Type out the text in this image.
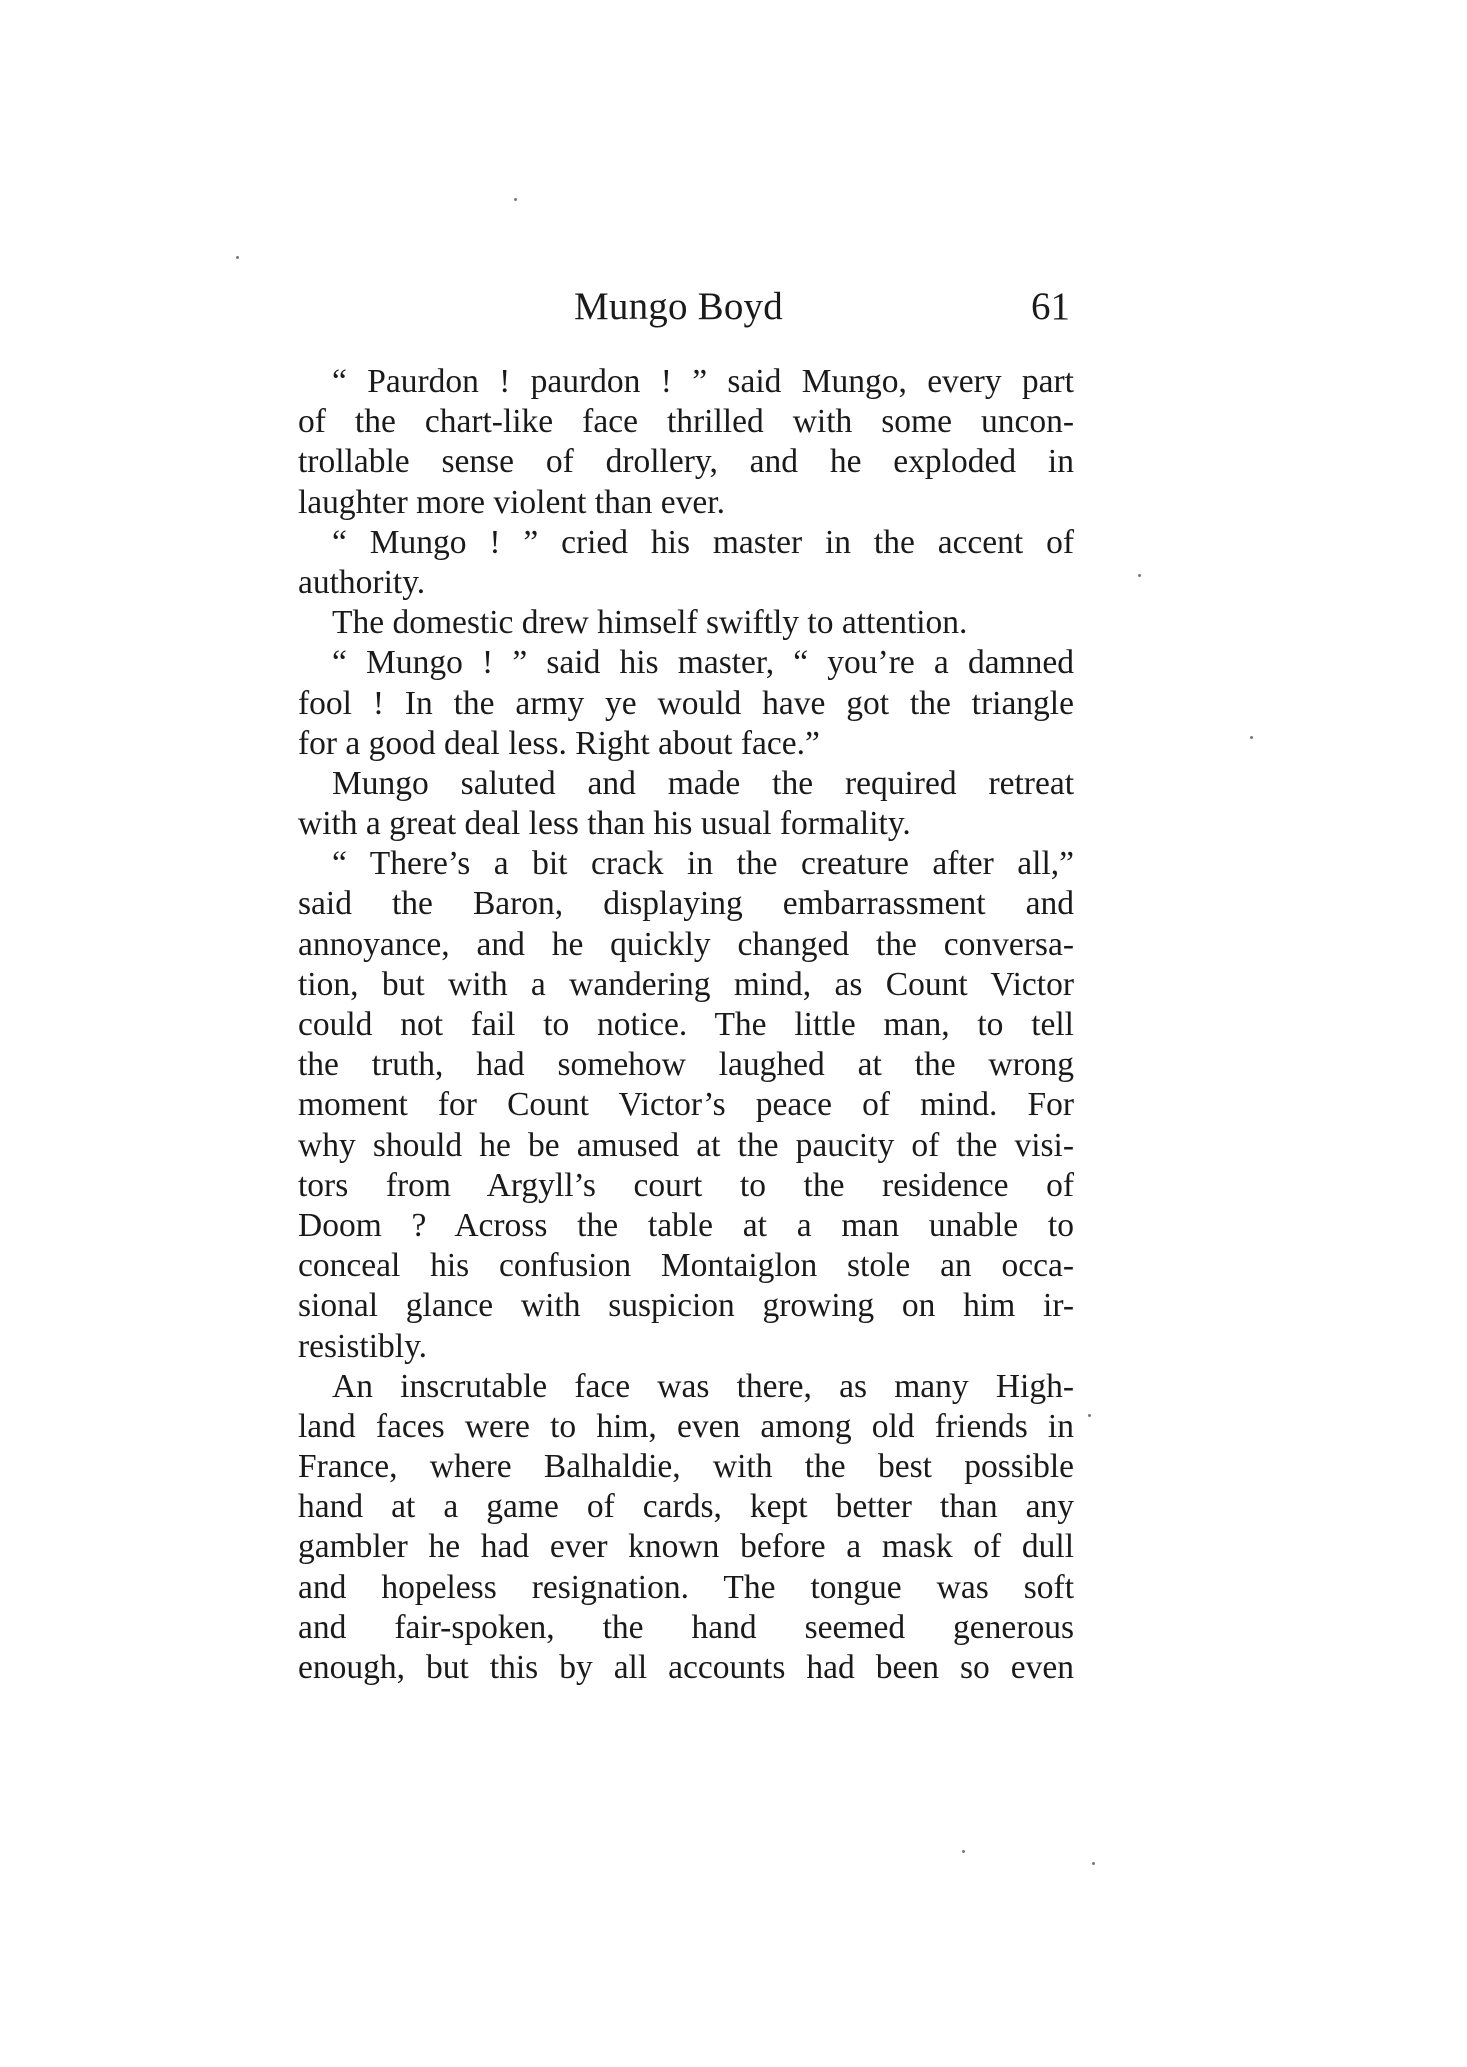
Mungo Boyd	61

“ Paurdon ! paurdon ! ” said Mungo, every part
of the chart-like face thrilled with some uncon-
trollable sense of drollery, and he exploded in
laughter more violent than ever.

“ Mungo ! ” cried his master in the accent of
authority.

The domestic drew himself swiftly to attention.

“ Mungo ! ” said his master, “ you’re a damned
fool ! In the army ye would have got the triangle
for a good deal less. Right about face.”

Mungo saluted and made the required retreat
with a great deal less than his usual formality.

“ There’s a bit crack in the creature after all,”
said the Baron, displaying embarrassment and
annoyance, and he quickly changed the conversa-
tion, but with a wandering mind, as Count Victor
could not fail to notice. The little man, to tell
the truth, had somehow laughed at the wrong
moment for Count Victor’s peace of mind. For
why should he be amused at the paucity of the visi-
tors from Argyll’s court to the residence of
Doom ? Across the table at a man unable to
conceal his confusion Montaiglon stole an occa-
sional glance with suspicion growing on him ir-
resistibly.

An inscrutable face was there, as many High-
land faces were to him, even among old friends in
France, where Balhaldie, with the best possible
hand at a game of cards, kept better than any
gambler he had ever known before a mask of dull
and hopeless resignation. The tongue was soft
and fair-spoken, the hand seemed generous
enough, but this by all accounts had been so even
